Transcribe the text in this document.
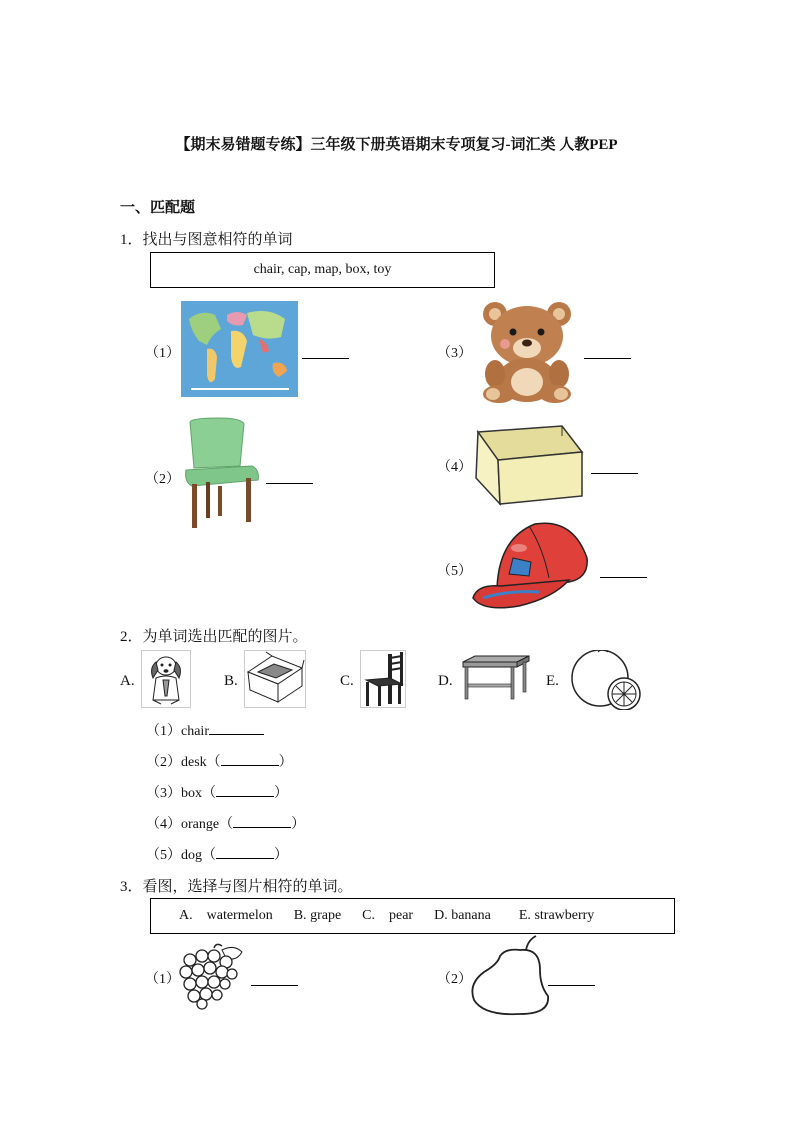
【期末易错题专练】三年级下册英语期末专项复习-词汇类 人教PEP
一、匹配题
1．找出与图意相符的单词
chair, cap, map, box, toy
（1）
（2）
（3）
（4）
（5）
2．为单词选出匹配的图片。
A.	B.	C.	D.	E.
（1）chair
（2）desk（	）
（3）box（	）
（4）orange（	）
（5）dog（	）
3．看图，选择与图片相符的单词。
A. watermelon B. grape C. pear D. banana E. strawberry
（1）	（2）
